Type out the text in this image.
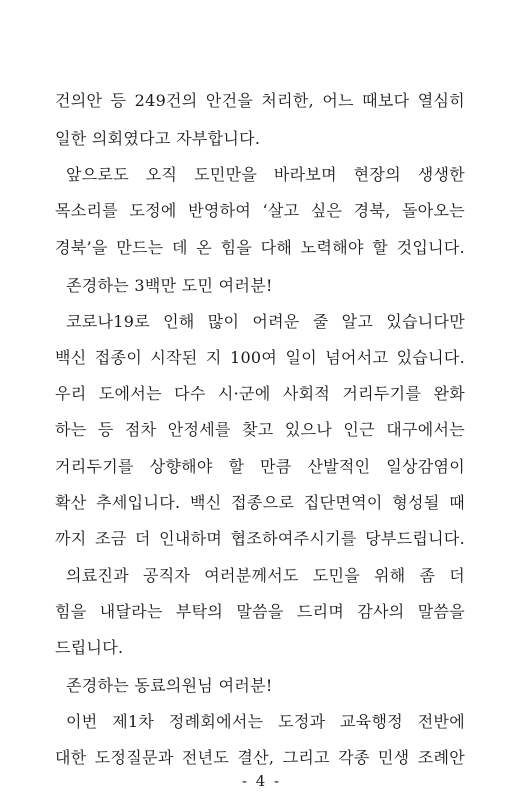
건의안 등 249건의 안건을 처리한, 어느 때보다 열심히
일한 의회였다고 자부합니다.
앞으로도 오직 도민만을 바라보며 현장의 생생한
목소리를 도정에 반영하여 ‘살고 싶은 경북, 돌아오는
경북’을 만드는 데 온 힘을 다해 노력해야 할 것입니다.
존경하는 3백만 도민 여러분!
코로나19로 인해 많이 어려운 줄 알고 있습니다만
백신 접종이 시작된 지 100여 일이 넘어서고 있습니다.
우리 도에서는 다수 시·군에 사회적 거리두기를 완화
하는 등 점차 안정세를 찾고 있으나 인근 대구에서는
거리두기를 상향해야 할 만큼 산발적인 일상감염이
확산 추세입니다. 백신 접종으로 집단면역이 형성될 때
까지 조금 더 인내하며 협조하여주시기를 당부드립니다.
의료진과 공직자 여러분께서도 도민을 위해 좀 더
힘을 내달라는 부탁의 말씀을 드리며 감사의 말씀을
드립니다.
존경하는 동료의원님 여러분!
이번 제1차 정례회에서는 도정과 교육행정 전반에
대한 도정질문과 전년도 결산, 그리고 각종 민생 조례안
- 4 -
